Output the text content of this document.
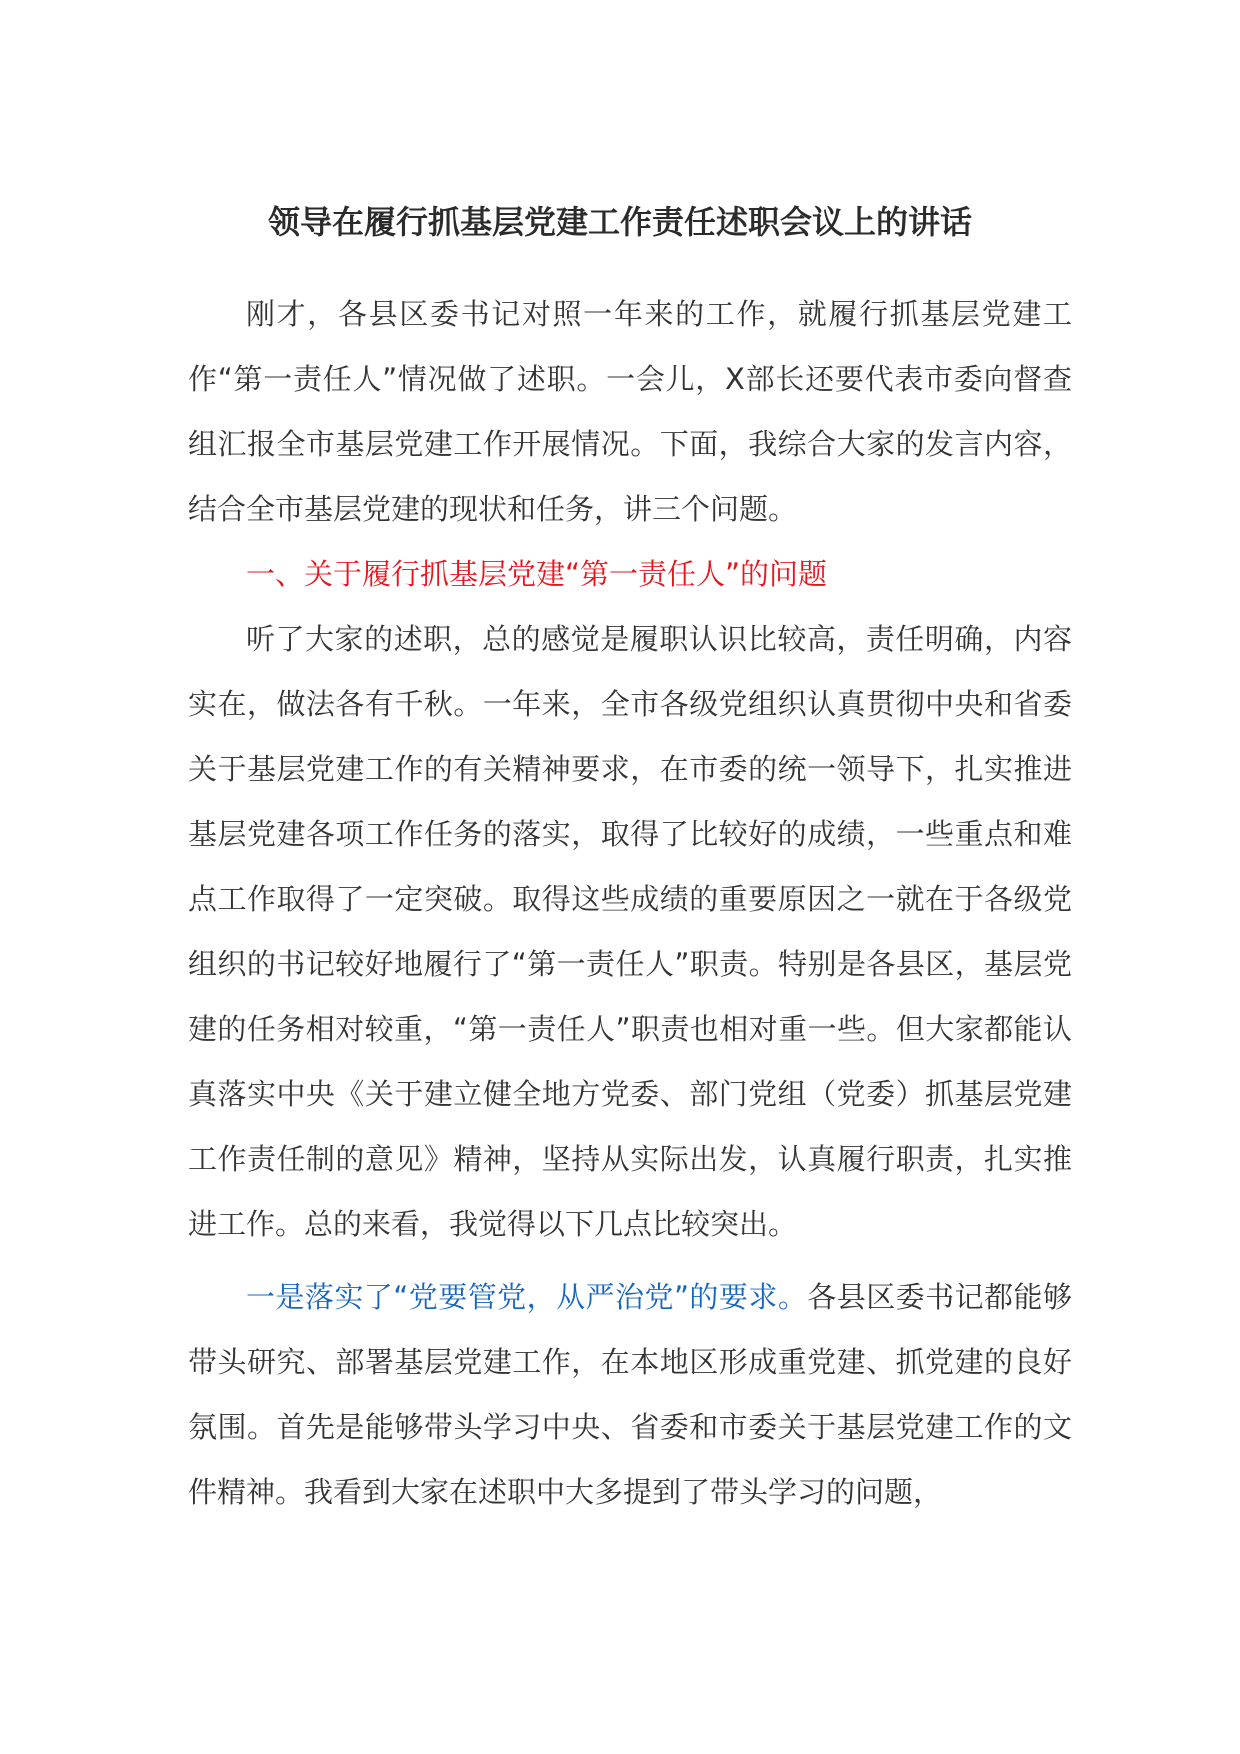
领导在履行抓基层党建工作责任述职会议上的讲话

刚才，各县区委书记对照一年来的工作，就履行抓基层党建工作“第一责任人”情况做了述职。一会儿，X部长还要代表市委向督查组汇报全市基层党建工作开展情况。下面，我综合大家的发言内容，结合全市基层党建的现状和任务，讲三个问题。

一、关于履行抓基层党建“第一责任人”的问题

听了大家的述职，总的感觉是履职认识比较高，责任明确，内容实在，做法各有千秋。一年来，全市各级党组织认真贯彻中央和省委关于基层党建工作的有关精神要求，在市委的统一领导下，扎实推进基层党建各项工作任务的落实，取得了比较好的成绩，一些重点和难点工作取得了一定突破。取得这些成绩的重要原因之一就在于各级党组织的书记较好地履行了“第一责任人”职责。特别是各县区，基层党建的任务相对较重，“第一责任人”职责也相对重一些。但大家都能认真落实中央《关于建立健全地方党委、部门党组（党委）抓基层党建工作责任制的意见》精神，坚持从实际出发，认真履行职责，扎实推进工作。总的来看，我觉得以下几点比较突出。

一是落实了“党要管党，从严治党”的要求。各县区委书记都能够带头研究、部署基层党建工作，在本地区形成重党建、抓党建的良好氛围。首先是能够带头学习中央、省委和市委关于基层党建工作的文件精神。我看到大家在述职中大多提到了带头学习的问题，
